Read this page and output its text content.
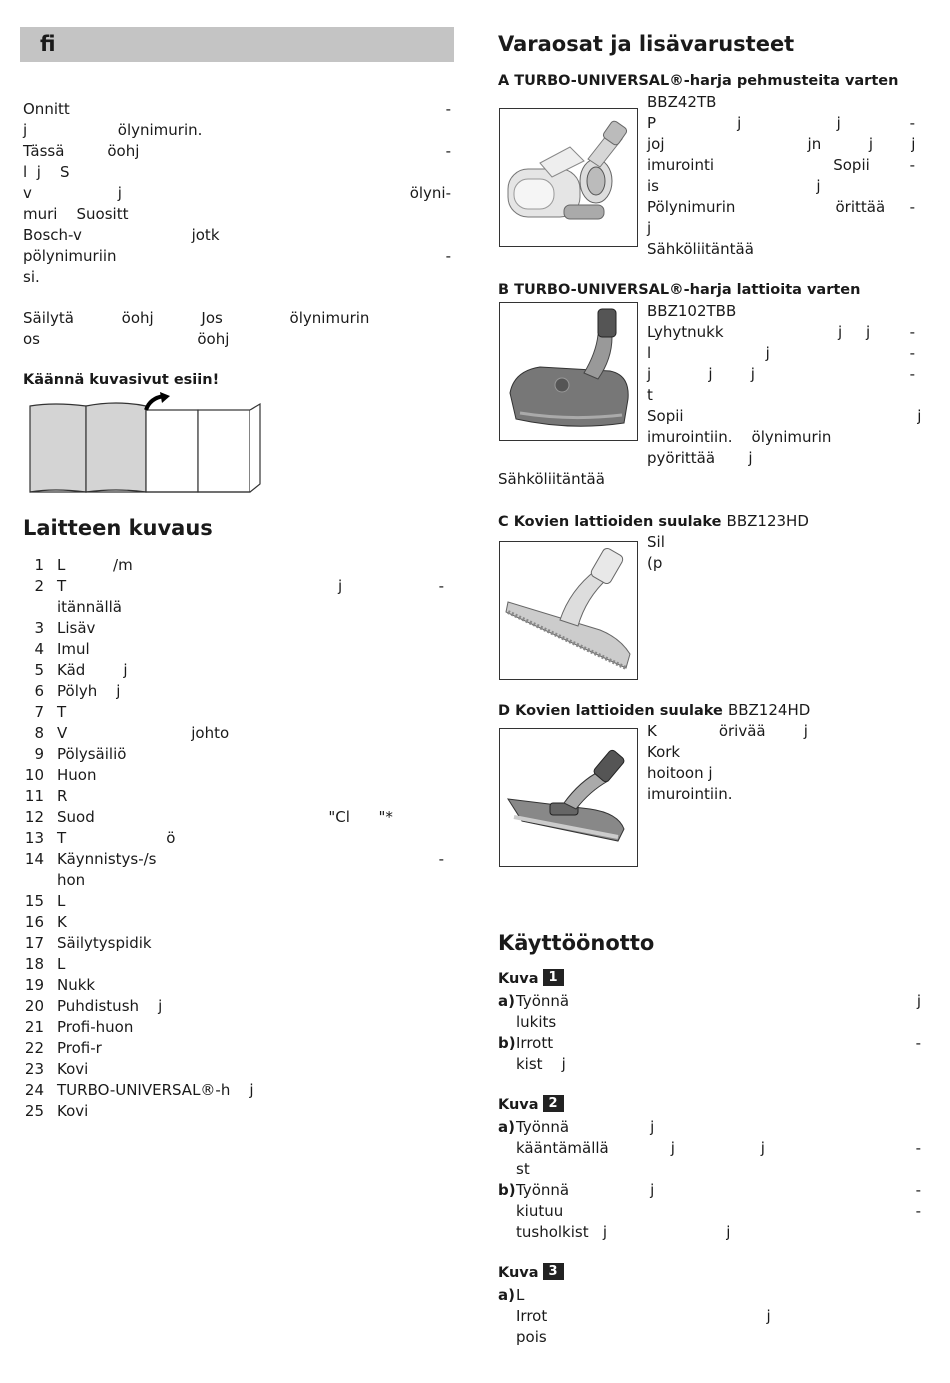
fi
Onnitt	-
j                   ölynimurin.
Tässä         öohj	-
l  j    S
v                  j	ölyni-
muri    Suositt
Bosch-v                       jotk
pölynimuriin	-
si.
Säilytä          öohj          Jos              ölynimurin
os                                 öohj
Käännä kuvasivut esiin!
Laitteen kuvaus
1 L          /m
2 T                                                         j	-
itännällä
3 Lisäv
4 Imul
5 Käd        j
6 Pölyh    j
7 T
8 V                          johto
9 Pölysäiliö
10 Huon
11 R
12 Suod                                                 "Cl      "*
13 T                     ö
14 Käynnistys-/s	-
hon
15 L
16 K
17 Säilytyspidik
18 L
19 Nukk
20 Puhdistush    j
21 Profi-huon
22 Profi-r
23 Kovi
24 TURBO-UNIVERSAL®-h    j
25 Kovi
Varaosat ja lisävarusteet
A TURBO-UNIVERSAL®-harja pehmusteita varten
BBZ42TB
P                 j                    j	-
joj                              jn          j        j
imurointi                         Sopii	-
is                                 j
Pölynimurin                     örittää	-
j
Sähköliitäntää
B TURBO-UNIVERSAL®-harja lattioita varten
BBZ102TBB
Lyhytnukk                        j     j	-
l                        j	-
j            j        j	-
t
Sopii                                                 j
imurointiin.    ölynimurin
pyörittää       j
Sähköliitäntää
C Kovien lattioiden suulake BBZ123HD
Sil
(p
D Kovien lattioiden suulake BBZ124HD
K             örivää        j
Kork
hoitoon j
imurointiin.
Käyttöönotto
Kuva 1
a) Työnnä	j
lukits
b) Irrott	-
kist    j
Kuva 2
a) Työnnä                 j
kääntämällä             j                  j	-
st
b) Työnnä                 j	-
kiutuu	-
tusholkist   j                         j
Kuva 3
a) L
Irrot                                              j
pois
